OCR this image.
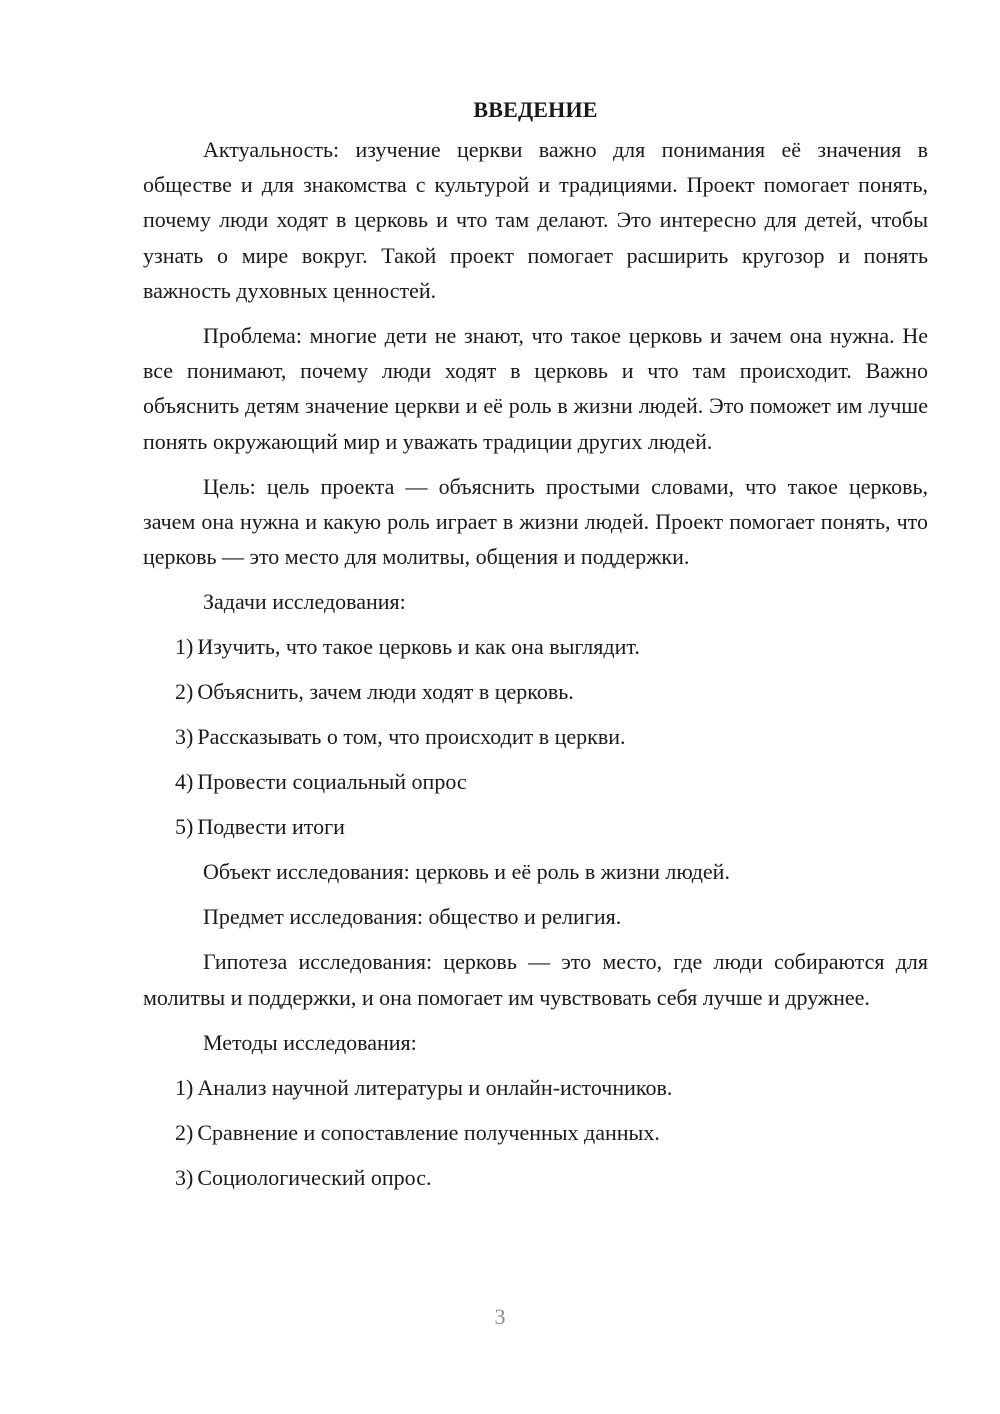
ВВЕДЕНИЕ

Актуальность: изучение церкви важно для понимания её значения в обществе и для знакомства с культурой и традициями. Проект помогает понять, почему люди ходят в церковь и что там делают. Это интересно для детей, чтобы узнать о мире вокруг. Такой проект помогает расширить кругозор и понять важность духовных ценностей.

Проблема: многие дети не знают, что такое церковь и зачем она нужна. Не все понимают, почему люди ходят в церковь и что там происходит. Важно объяснить детям значение церкви и её роль в жизни людей. Это поможет им лучше понять окружающий мир и уважать традиции других людей.

Цель: цель проекта — объяснить простыми словами, что такое церковь, зачем она нужна и какую роль играет в жизни людей. Проект помогает понять, что церковь — это место для молитвы, общения и поддержки.

Задачи исследования:

1) Изучить, что такое церковь и как она выглядит.
2) Объяснить, зачем люди ходят в церковь.
3) Рассказывать о том, что происходит в церкви.
4) Провести социальный опрос
5) Подвести итоги

Объект исследования: церковь и её роль в жизни людей.

Предмет исследования: общество и религия.

Гипотеза исследования: церковь — это место, где люди собираются для молитвы и поддержки, и она помогает им чувствовать себя лучше и дружнее.

Методы исследования:

1) Анализ научной литературы и онлайн-источников.
2) Сравнение и сопоставление полученных данных.
3) Социологический опрос.
3
